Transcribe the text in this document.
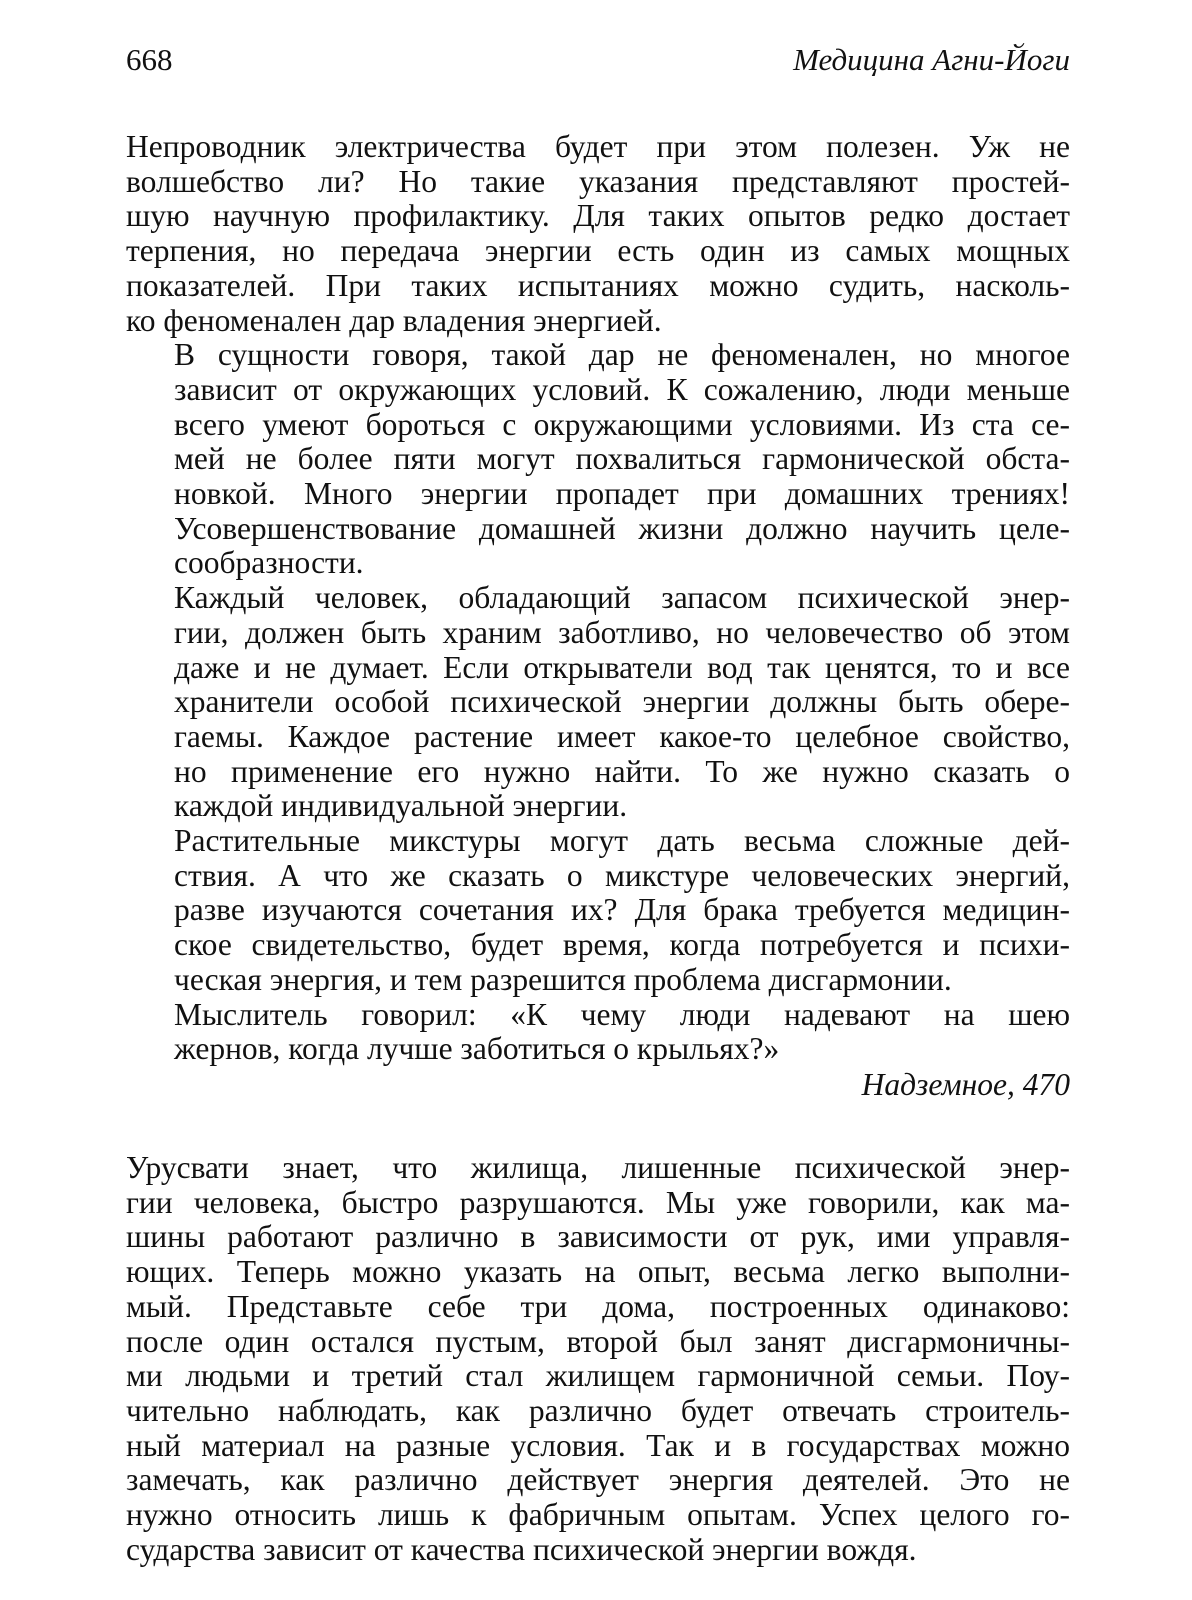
668	Медицина Агни-Йоги

Непроводник электричества будет при этом полезен. Уж не
волшебство ли? Но такие указания представляют простей-
шую научную профилактику. Для таких опытов редко достает
терпения, но передача энергии есть один из самых мощных
показателей. При таких испытаниях можно судить, насколь-
ко феноменален дар владения энергией.

В сущности говоря, такой дар не феноменален, но многое
зависит от окружающих условий. К сожалению, люди меньше
всего умеют бороться с окружающими условиями. Из ста се-
мей не более пяти могут похвалиться гармонической обста-
новкой. Много энергии пропадет при домашних трениях!
Усовершенствование домашней жизни должно научить целе-
сообразности.

Каждый человек, обладающий запасом психической энер-
гии, должен быть храним заботливо, но человечество об этом
даже и не думает. Если открыватели вод так ценятся, то и все
хранители особой психической энергии должны быть обере-
гаемы. Каждое растение имеет какое-то целебное свойство,
но применение его нужно найти. То же нужно сказать о
каждой индивидуальной энергии.

Растительные микстуры могут дать весьма сложные дей-
ствия. А что же сказать о микстуре человеческих энергий,
разве изучаются сочетания их? Для брака требуется медицин-
ское свидетельство, будет время, когда потребуется и психи-
ческая энергия, и тем разрешится проблема дисгармонии.

Мыслитель говорил: «К чему люди надевают на шею
жернов, когда лучше заботиться о крыльях?»

Надземное, 470

Урусвати знает, что жилища, лишенные психической энер-
гии человека, быстро разрушаются. Мы уже говорили, как ма-
шины работают различно в зависимости от рук, ими управля-
ющих. Теперь можно указать на опыт, весьма легко выполни-
мый. Представьте себе три дома, построенных одинаково:
после один остался пустым, второй был занят дисгармоничны-
ми людьми и третий стал жилищем гармоничной семьи. Поу-
чительно наблюдать, как различно будет отвечать строитель-
ный материал на разные условия. Так и в государствах можно
замечать, как различно действует энергия деятелей. Это не
нужно относить лишь к фабричным опытам. Успех целого го-
сударства зависит от качества психической энергии вождя.
